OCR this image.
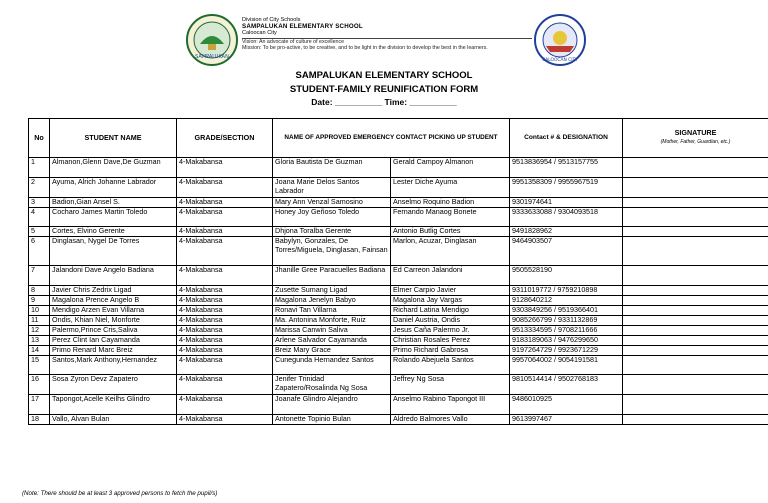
SAMPALUKAN
Division of City Schools
SAMPALUKAN ELEMENTARY SCHOOL
Caloocan City
Vision: An advocate of culture of excellence
Mission: To be pro-active, to be creative, and to be light in the division to develop the best in the learners.
CALOOCAN CITY
SAMPALUKAN ELEMENTARY SCHOOL
STUDENT-FAMILY REUNIFICATION FORM
Date: __________ Time: __________
No	STUDENT NAME	GRADE/SECTION	NAME OF APPROVED EMERGENCY CONTACT PICKING UP STUDENT		Contact # & DESIGNATION	SIGNATURE
(Mother, Father, Guardian, etc.)

1	Almanon,Glenn Dave,De Guzman	4-Makabansa	Gloria Bautista De Guzman	Gerald Campoy Almanon	9513836954 / 9513157755	
2	Ayuma, Alrich Johanne Labrador	4-Makabansa	Joana Marie Delos Santos Labrador	Lester Diche Ayuma	9951358309 / 9955967519	
3	Badion,Gian Ansel S.	4-Makabansa	Mary Ann Venzal Samosino	Anselmo Roquino Badion	9301974641	
4	Cocharo James Martin Toledo	4-Makabansa	Honey Joy Geñoso Toledo	Fernando Manaog Bonete	9333633088 / 9304093518	
5	Cortes, Elvino Gerente	4-Makabansa	Dhjona Toralba Gerente	Antonio Butlig Cortes	9491828962	
6	Dinglasan, Nygel De Torres	4-Makabansa	Babylyn, Gonzales, De Torres/Miguela, Dinglasan, Fainsan	Marlon, Acuzar, Dinglasan	9464903507	
7	Jalandoni Dave Angelo Badiana	4-Makabansa	Jhanille Gree Paracuelles Badiana	Ed Carreon Jalandoni	9505528190	
8	Javier Chris Zedrix Ligad	4-Makabansa	Zusette Sumang Ligad	Elmer Carpio Javier	9311019772 / 9759210898	
9	Magalona Prence Angelo B	4-Makabansa	Magalona Jenelyn Babyo	Magalona Jay Vargas	9128640212	
10	Mendigo Arzen Evan Villarna	4-Makabansa	Ronavi Tan Villarna	Richard Latina Mendigo	9303849256 / 9519366401	
11	Ondis, Khian Niel, Monforte	4-Makabansa	Ma. Antonina Monforte, Ruiz	Daniel Austria, Ondis	9085266799 / 9331132869	
12	Palermo,Prince Cris,Saliva	4-Makabansa	Marissa Canwin Saliva	Jesus Caña Palermo Jr.	9513334595 / 9708211666	
13	Perez Clint Ian Cayamanda	4-Makabansa	Arlene Salvador Cayamanda	Christian Rosales Perez	9183189063 / 9476299650	
14	Primo Renard Marc Breiz	4-Makabansa	Breiz Mary Grace	Primo Richard Gabrosa	9197264729 / 9923671229	
15	Santos,Mark Anthony,Hernandez	4-Makabansa	Cunegunda Hernandez Santos	Rolando Abejuela Santos	9957064002 / 9054191581	
16	Sosa Zyron Devz Zapatero	4-Makabansa	Jenifer Trinidad Zapatero/Rosalinda Ng Sosa	Jeffrey Ng Sosa	9810514414 / 9502768183	
17	Tapongot,Acelle Keilhs Glindro	4-Makabansa	Joanafe Glindro Alejandro	Anselmo Rabino Tapongot III	9486010925	
18	Vallo, Alvan Bulan	4-Makabansa	Antonette Topinio Bulan	Aldredo Balmores Vallo	9613997467	
(Note: There should be at least 3 approved persons to fetch the pupil/s)
